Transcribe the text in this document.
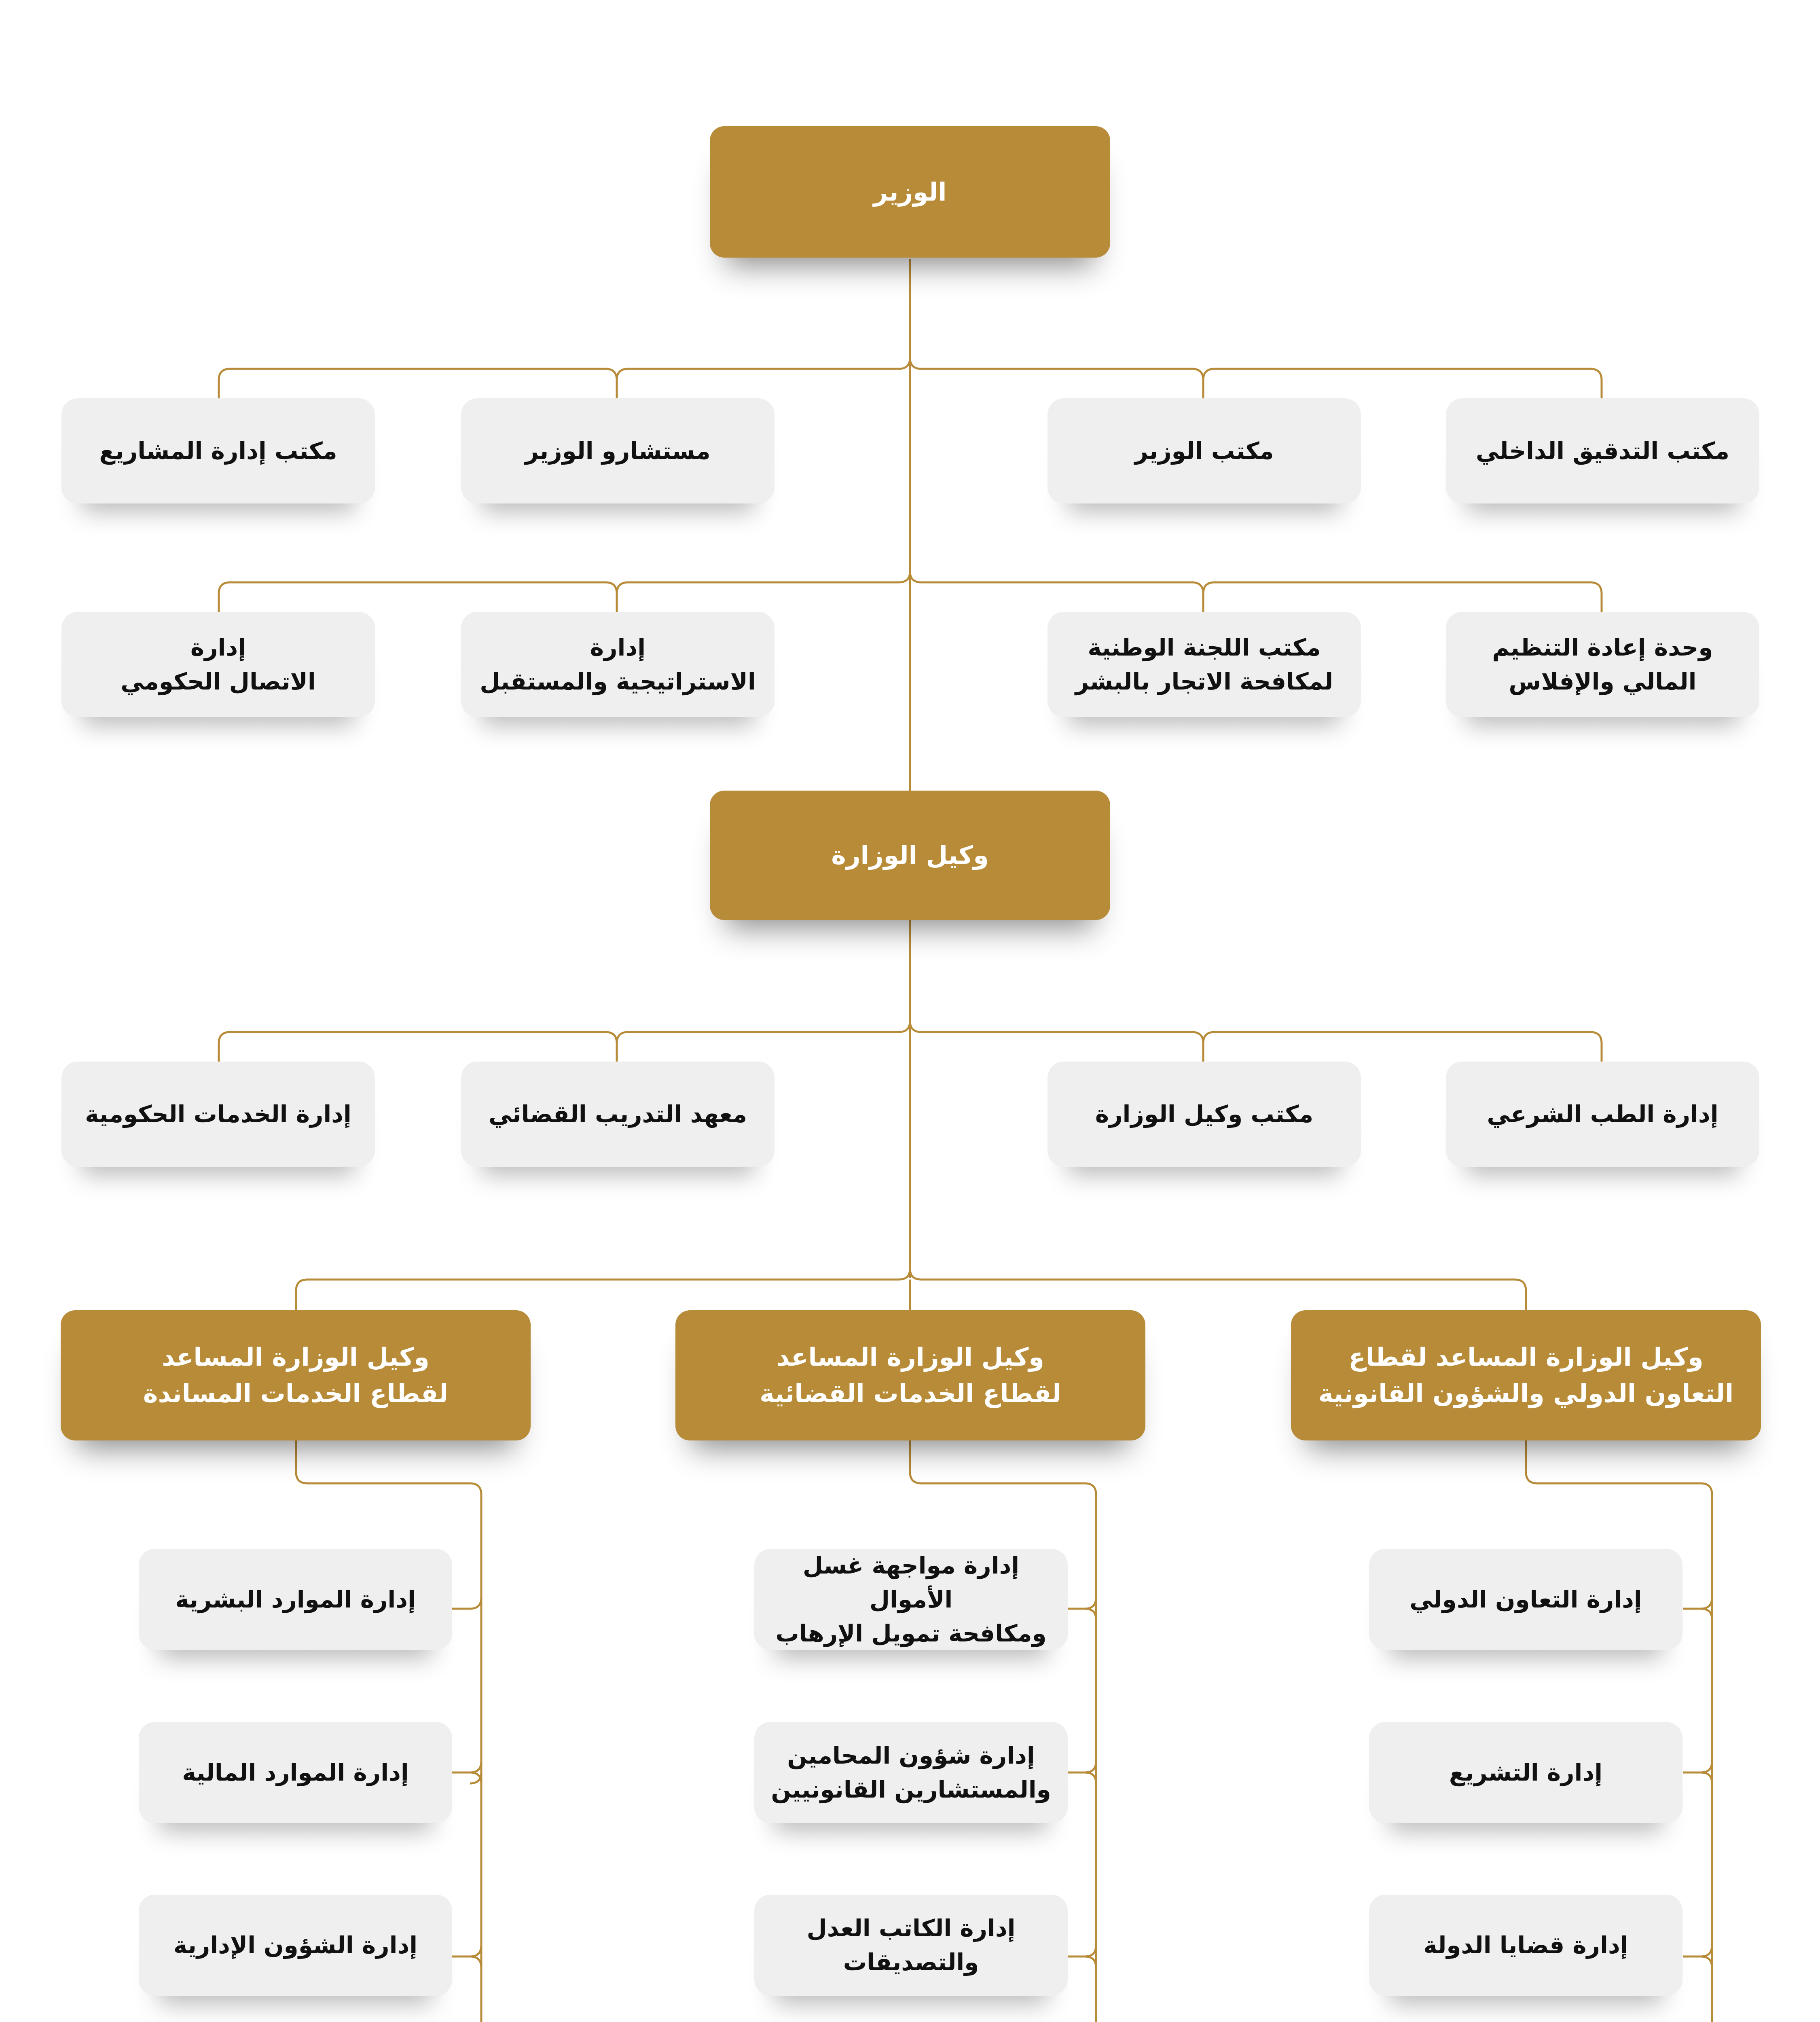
الوزير
مكتب التدقيق الداخلي
مكتب الوزير
مستشارو الوزير
مكتب إدارة المشاريع
وحدة إعادة التنظيم
المالي والإفلاس
مكتب اللجنة الوطنية
لمكافحة الاتجار بالبشر
إدارة
الاستراتيجية والمستقبل
إدارة
الاتصال الحكومي
وكيل الوزارة
إدارة الطب الشرعي
مكتب وكيل الوزارة
معهد التدريب القضائي
إدارة الخدمات الحكومية
وكيل الوزارة المساعد لقطاع
التعاون الدولي والشؤون القانونية
وكيل الوزارة المساعد
لقطاع الخدمات القضائية
وكيل الوزارة المساعد
لقطاع الخدمات المساندة
إدارة التعاون الدولي
إدارة التشريع
إدارة قضايا الدولة
إدارة مواجهة غسل الأموال
ومكافحة تمويل الإرهاب
إدارة شؤون المحامين
والمستشارين القانونيين
إدارة الكاتب العدل
والتصديقات
إدارة الموارد البشرية
إدارة الموارد المالية
إدارة الشؤون الإدارية
